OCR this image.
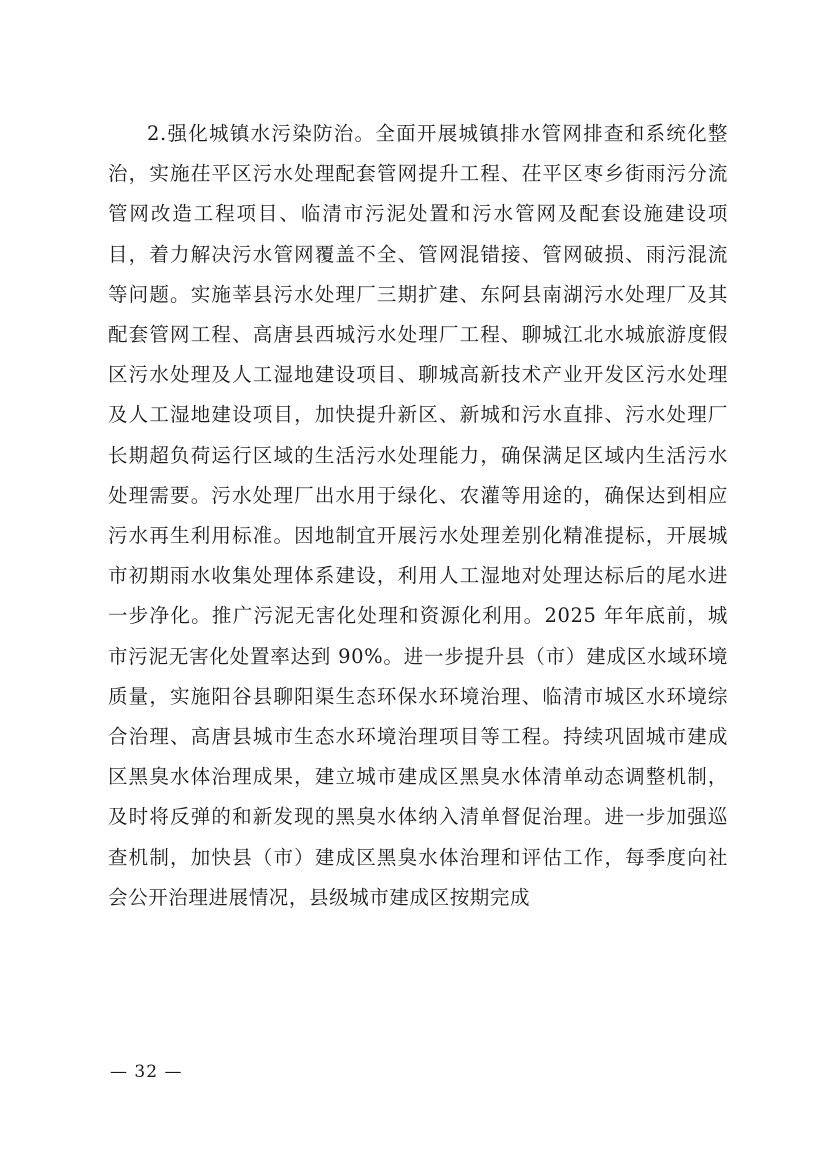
2.强化城镇水污染防治。全面开展城镇排水管网排查和系统化整治，实施茌平区污水处理配套管网提升工程、茌平区枣乡街雨污分流管网改造工程项目、临清市污泥处置和污水管网及配套设施建设项目，着力解决污水管网覆盖不全、管网混错接、管网破损、雨污混流等问题。实施莘县污水处理厂三期扩建、东阿县南湖污水处理厂及其配套管网工程、高唐县西城污水处理厂工程、聊城江北水城旅游度假区污水处理及人工湿地建设项目、聊城高新技术产业开发区污水处理及人工湿地建设项目，加快提升新区、新城和污水直排、污水处理厂长期超负荷运行区域的生活污水处理能力，确保满足区域内生活污水处理需要。污水处理厂出水用于绿化、农灌等用途的，确保达到相应污水再生利用标准。因地制宜开展污水处理差别化精准提标，开展城市初期雨水收集处理体系建设，利用人工湿地对处理达标后的尾水进一步净化。推广污泥无害化处理和资源化利用。2025 年年底前，城市污泥无害化处置率达到 90%。进一步提升县（市）建成区水域环境质量，实施阳谷县聊阳渠生态环保水环境治理、临清市城区水环境综合治理、高唐县城市生态水环境治理项目等工程。持续巩固城市建成区黑臭水体治理成果，建立城市建成区黑臭水体清单动态调整机制，及时将反弹的和新发现的黑臭水体纳入清单督促治理。进一步加强巡查机制，加快县（市）建成区黑臭水体治理和评估工作，每季度向社会公开治理进展情况，县级城市建成区按期完成

— 32 —
